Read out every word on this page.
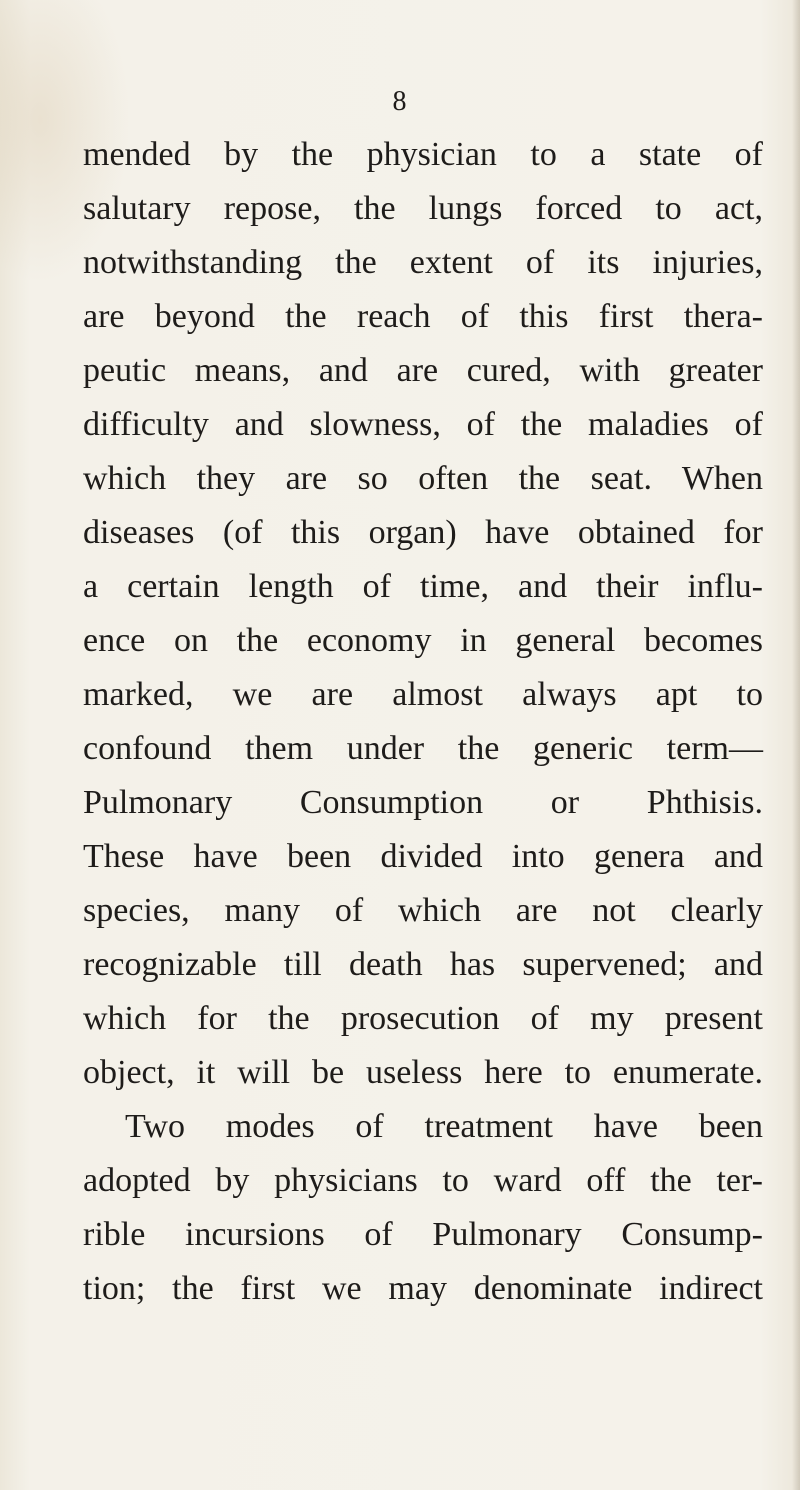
8
mended by the physician to a state of
salutary repose, the lungs forced to act,
notwithstanding the extent of its injuries,
are beyond the reach of this first thera-
peutic means, and are cured, with greater
difficulty and slowness, of the maladies of
which they are so often the seat. When
diseases (of this organ) have obtained for
a certain length of time, and their influ-
ence on the economy in general becomes
marked, we are almost always apt to
confound them under the generic term—
Pulmonary Consumption or Phthisis.
These have been divided into genera and
species, many of which are not clearly
recognizable till death has supervened; and
which for the prosecution of my present
object, it will be useless here to enumerate.
Two modes of treatment have been
adopted by physicians to ward off the ter-
rible incursions of Pulmonary Consump-
tion; the first we may denominate indirect
